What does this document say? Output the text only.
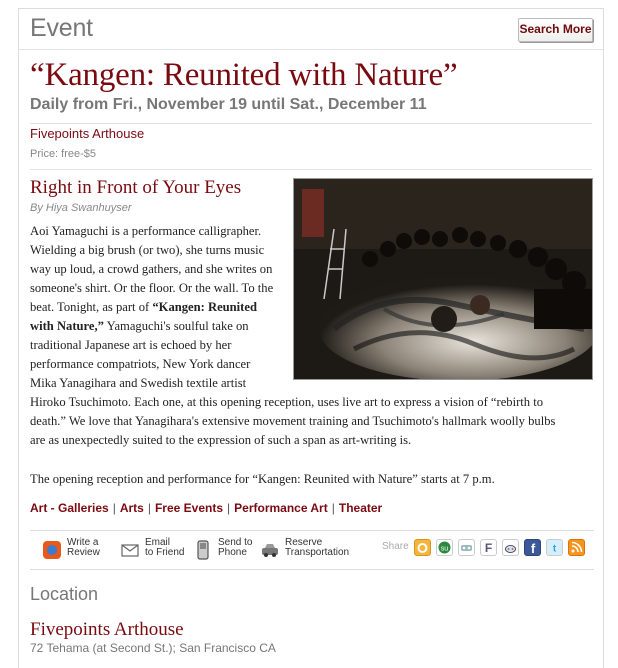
Event	Search More
“Kangen: Reunited with Nature”
Daily from Fri., November 19 until Sat., December 11
Fivepoints Arthouse
Price: free-$5
Right in Front of Your Eyes
By Hiya Swanhuyser
Aoi Yamaguchi is a performance calligrapher.
Wielding a big brush (or two), she turns music
way up loud, a crowd gathers, and she writes on
someone's shirt. Or the floor. Or the wall. To the
beat. Tonight, as part of “Kangen: Reunited
with Nature,” Yamaguchi's soulful take on
traditional Japanese art is echoed by her
performance compatriots, New York dancer
Mika Yanagihara and Swedish textile artist
Hiroko Tsuchimoto. Each one, at this opening reception, uses live art to express a vision of “rebirth to
death.” We love that Yanagihara's extensive movement training and Tsuchimoto's hallmark woolly bulbs
are as unexpectedly suited to the expression of such a span as art-writing is.
The opening reception and performance for “Kangen: Reunited with Nature” starts at 7 p.m.
Art - Galleries | Arts | Free Events | Performance Art | Theater
Write a
Review
Email
to Friend
Send to
Phone
Reserve
Transportation
Share	su	F	f t
Location
Fivepoints Arthouse
72 Tehama (at Second St.); San Francisco CA
